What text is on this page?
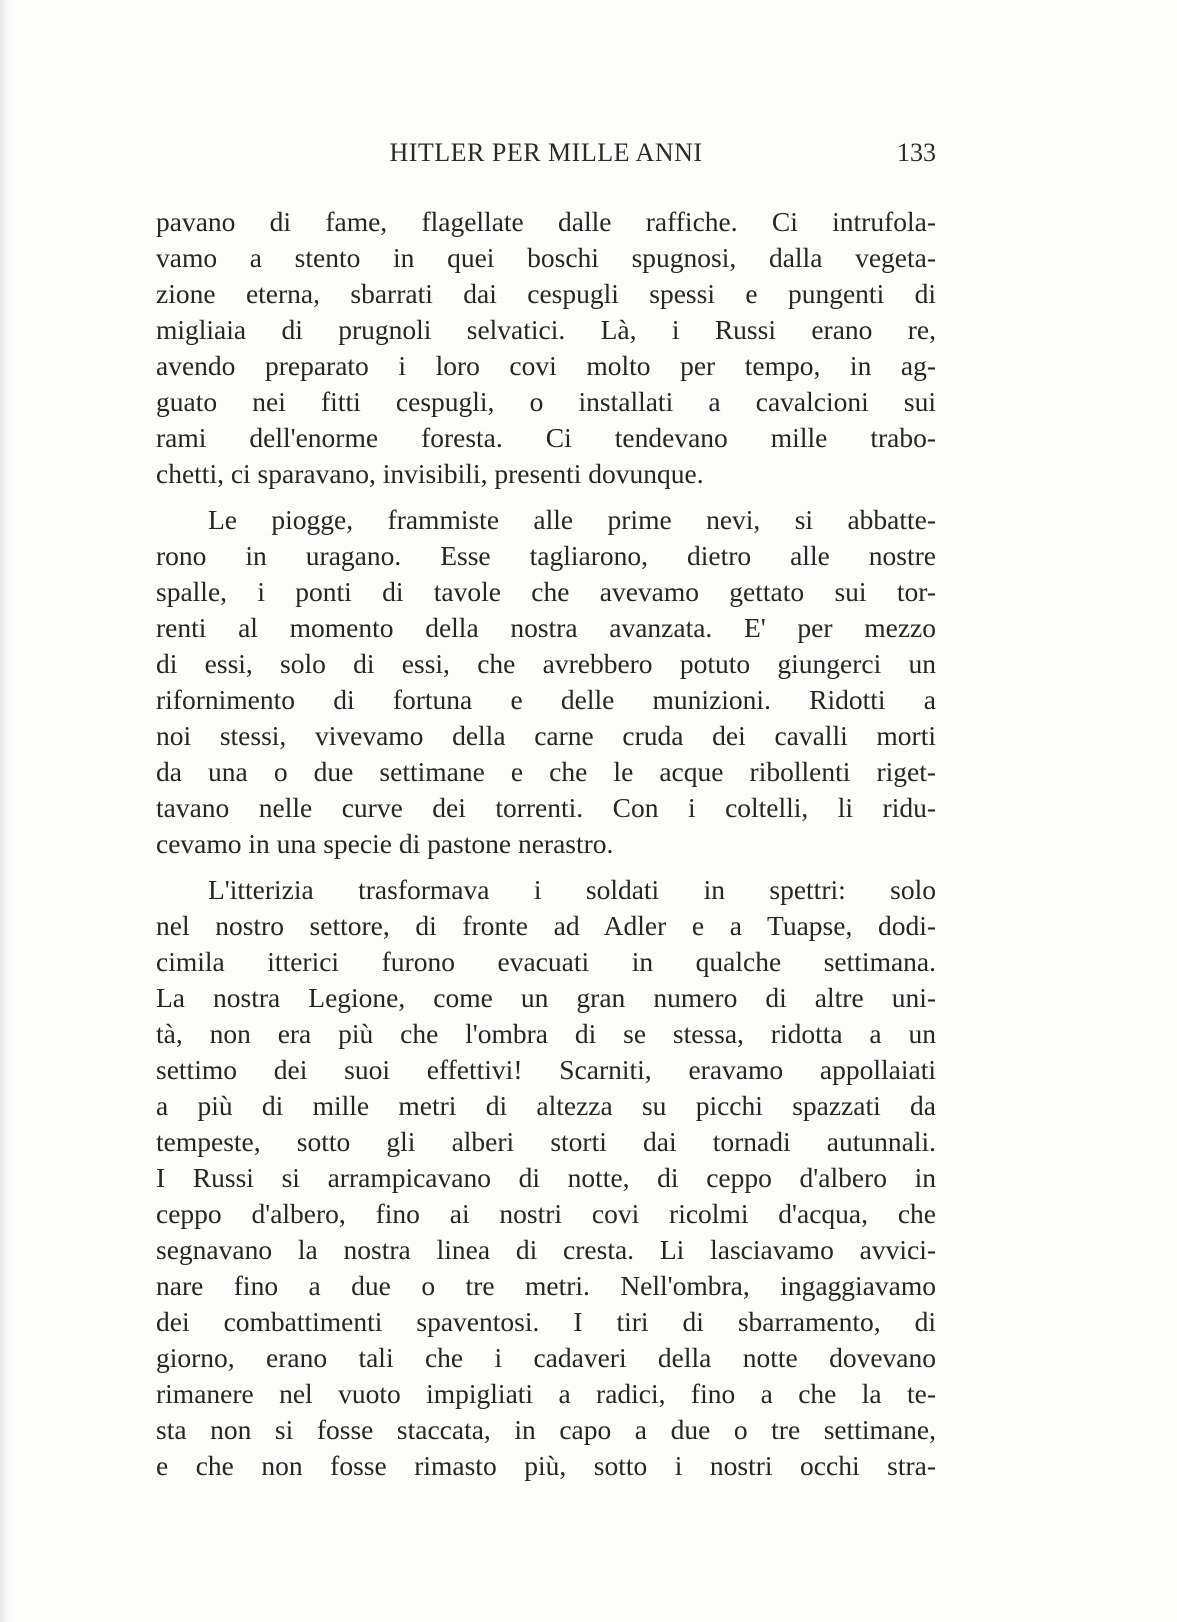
HITLER PER MILLE ANNI	133
pavano di fame, flagellate dalle raffiche. Ci intrufola-
vamo a stento in quei boschi spugnosi, dalla vegeta-
zione eterna, sbarrati dai cespugli spessi e pungenti di
migliaia di prugnoli selvatici. Là, i Russi erano re,
avendo preparato i loro covi molto per tempo, in ag-
guato nei fitti cespugli, o installati a cavalcioni sui
rami dell'enorme foresta. Ci tendevano mille trabo-
chetti, ci sparavano, invisibili, presenti dovunque.
Le piogge, frammiste alle prime nevi, si abbatte-
rono in uragano. Esse tagliarono, dietro alle nostre
spalle, i ponti di tavole che avevamo gettato sui tor-
renti al momento della nostra avanzata. E' per mezzo
di essi, solo di essi, che avrebbero potuto giungerci un
rifornimento di fortuna e delle munizioni. Ridotti a
noi stessi, vivevamo della carne cruda dei cavalli morti
da una o due settimane e che le acque ribollenti riget-
tavano nelle curve dei torrenti. Con i coltelli, li ridu-
cevamo in una specie di pastone nerastro.
L'itterizia trasformava i soldati in spettri: solo
nel nostro settore, di fronte ad Adler e a Tuapse, dodi-
cimila itterici furono evacuati in qualche settimana.
La nostra Legione, come un gran numero di altre uni-
tà, non era più che l'ombra di se stessa, ridotta a un
settimo dei suoi effettivi! Scarniti, eravamo appollaiati
a più di mille metri di altezza su picchi spazzati da
tempeste, sotto gli alberi storti dai tornadi autunnali.
I Russi si arrampicavano di notte, di ceppo d'albero in
ceppo d'albero, fino ai nostri covi ricolmi d'acqua, che
segnavano la nostra linea di cresta. Li lasciavamo avvici-
nare fino a due o tre metri. Nell'ombra, ingaggiavamo
dei combattimenti spaventosi. I tiri di sbarramento, di
giorno, erano tali che i cadaveri della notte dovevano
rimanere nel vuoto impigliati a radici, fino a che la te-
sta non si fosse staccata, in capo a due o tre settimane,
e che non fosse rimasto più, sotto i nostri occhi stra-
